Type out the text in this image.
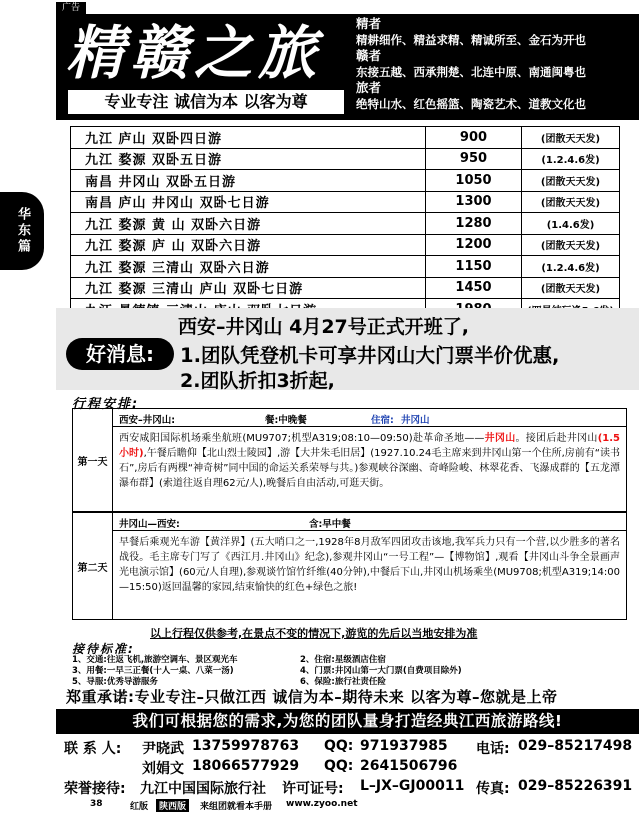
广告
精赣之旅
专业专注 诚信为本 以客为尊
精者
精耕细作、精益求精、精诚所至、金石为开也
赣者
东接五越、西承荆楚、北连中原、南通闽粤也
旅者
绝特山水、红色摇篮、陶瓷艺术、道教文化也
华东篇
九江 庐山 双卧四日游	900	(团散天天发)
九江 婺源 双卧五日游	950	(1.2.4.6发)
南昌 井冈山 双卧五日游	1050	(团散天天发)
南昌 庐山 井冈山 双卧七日游	1300	(团散天天发)
九江 婺源 黄 山 双卧六日游	1280	(1.4.6发)
九江 婺源 庐 山 双卧六日游	1200	(团散天天发)
九江 婺源 三清山 双卧六日游	1150	(1.2.4.6发)
九江 婺源 三清山 庐山 双卧七日游	1450	(团散天天发)

好消息:
西安–井冈山 4月27号正式开班了,
1.团队凭登机卡可享井冈山大门票半价优惠,
2.团队折扣3折起,
行程安排:
第一天
西安–井冈山:	餐:中晚餐	住宿: 井冈山
西安咸阳国际机场乘坐航班(MU9707;机型A319;08:10—09:50)赴革命圣地——井冈山。接团后赴井冈山(1.5小时),午餐后瞻仰【北山烈士陵园】,游【大井朱毛旧居】(1927.10.24毛主席来到井冈山第一个住所,房前有“读书石”,房后有两棵“神奇树”同中国的命运关系荣辱与共。)参观峡谷深幽、奇峰险峻、林翠花香、飞瀑成群的【五龙潭瀑布群】(索道往返自理62元/人),晚餐后自由活动,可逛天街。
第二天
井冈山—西安:	含:早中餐
早餐后乘观光车游【黄洋界】(五大哨口之一,1928年8月敌军四团攻击该地,我军兵力只有一个营,以少胜多的著名战役。毛主席专门写了《西江月.井冈山》纪念),参观井冈山“一号工程”—【博物馆】,观看【井冈山斗争全景画声光电演示馆】(60元/人自理),参观谈竹馆竹纤维(40分钟),中餐后下山,井冈山机场乘坐(MU9708;机型A319;14:00—15:50)返回温馨的家园,结束愉快的红色+绿色之旅!
以上行程仅供参考,在景点不变的情况下,游览的先后以当地安排为准
接待标准:
1、交通:往返飞机,旅游空调车、景区观光车
3、用餐:一早三正餐(十人一桌、八菜一汤)
5、导服:优秀导游服务
2、住宿:星级酒店住宿
4、门票:井冈山第一大门票(自费项目除外)
6、保险:旅行社责任险
郑重承诺:专业专注–只做江西 诚信为本–期待未来 以客为尊–您就是上帝
我们可根据您的需求,为您的团队量身打造经典江西旅游路线!
联 系 人: 尹晓武 13759978763 QQ: 971937985 电话: 029–85217498
刘娟文 18066577929 QQ: 2641506796
荣誉接待: 九江中国国际旅行社 许可证号: L–JX–GJ00011 传真: 029–85226391
38	红版	陕西版	来组团就看本手册 www.zyoo.net
